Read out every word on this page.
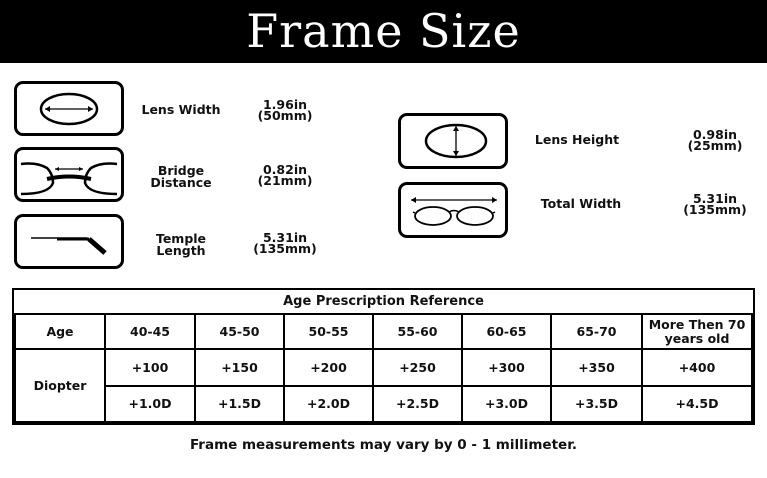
Frame Size
Lens Width	1.96in
(50mm)
Bridge
Distance
0.82in
(21mm)
Temple
Length
5.31in
(135mm)
Lens Height	0.98in
(25mm)
Total Width	5.31in
(135mm)
Age Prescription Reference
Age	40-45	45-50	50-55	55-60	60-65	65-70	More Then 70 years old
Diopter
+100	+150	+200	+250	+300	+350	+400
+1.0D	+1.5D	+2.0D	+2.5D	+3.0D	+3.5D	+4.5D
Frame measurements may vary by 0 - 1 millimeter.
